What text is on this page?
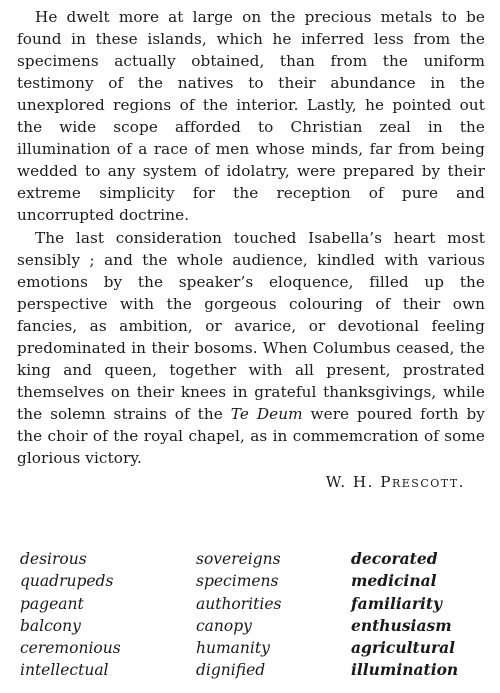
He dwelt more at large on the precious metals to be found in these islands, which he inferred less from the specimens actually obtained, than from the uniform testimony of the natives to their abundance in the unexplored regions of the interior. Lastly, he pointed out the wide scope afforded to Christian zeal in the illumination of a race of men whose minds, far from being wedded to any system of idolatry, were prepared by their extreme simplicity for the reception of pure and uncorrupted doctrine.

The last consideration touched Isabella’s heart most sensibly ; and the whole audience, kindled with various emotions by the speaker’s eloquence, filled up the perspective with the gorgeous colouring of their own fancies, as ambition, or avarice, or devotional feeling predominated in their bosoms. When Columbus ceased, the king and queen, together with all present, prostrated themselves on their knees in grateful thanksgivings, while the solemn strains of the Te Deum were poured forth by the choir of the royal chapel, as in commemcration of some glorious victory.

W. H. Prescott.

desirous	sovereigns	decorated
quadrupeds	specimens	medicinal
pageant	authorities	familiarity
balcony	canopy	enthusiasm
ceremonious	humanity	agricultural
intellectual	dignified	illumination
